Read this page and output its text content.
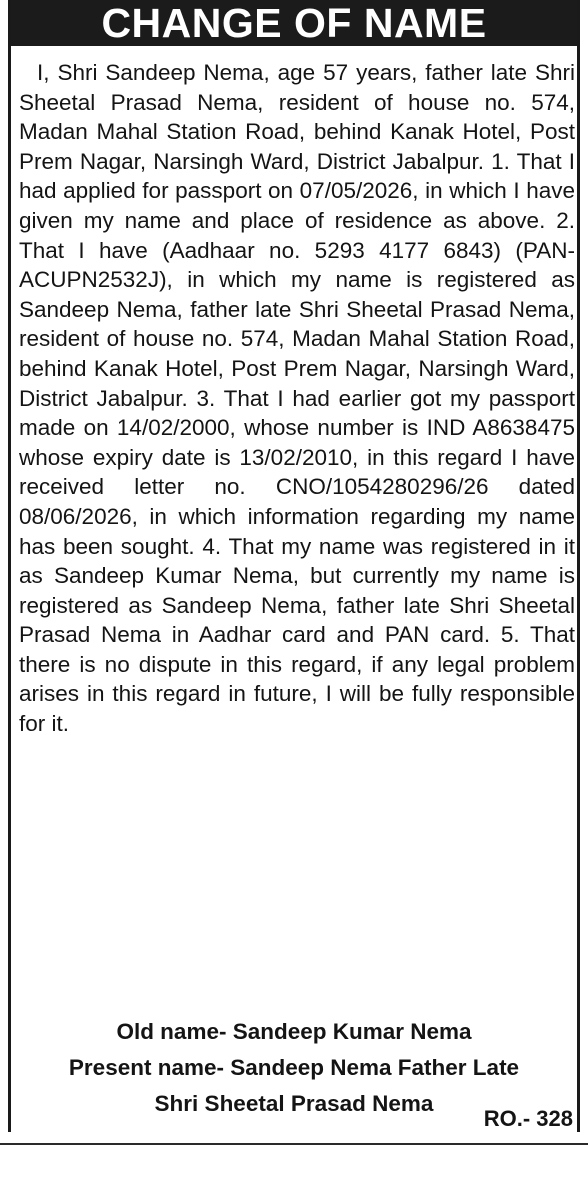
CHANGE OF NAME

I, Shri Sandeep Nema, age 57 years, father late Shri Sheetal Prasad Nema, resident of house no. 574, Madan Mahal Station Road, behind Kanak Hotel, Post Prem Nagar, Narsingh Ward, District Jabalpur. 1. That I had applied for passport on 07/05/2026, in which I have given my name and place of residence as above. 2. That I have (Aadhaar no. 5293 4177 6843) (PAN-ACUPN2532J), in which my name is registered as Sandeep Nema, father late Shri Sheetal Prasad Nema, resident of house no. 574, Madan Mahal Station Road, behind Kanak Hotel, Post Prem Nagar, Narsingh Ward, District Jabalpur. 3. That I had earlier got my passport made on 14/02/2000, whose number is IND A8638475 whose expiry date is 13/02/2010, in this regard I have received letter no. CNO/1054280296/26 dated 08/06/2026, in which information regarding my name has been sought. 4. That my name was registered in it as Sandeep Kumar Nema, but currently my name is registered as Sandeep Nema, father late Shri Sheetal Prasad Nema in Aadhar card and PAN card. 5. That there is no dispute in this regard, if any legal problem arises in this regard in future, I will be fully responsible for it.

Old name- Sandeep Kumar Nema

Present name- Sandeep Nema Father Late

Shri Sheetal Prasad Nema

RO.- 328
